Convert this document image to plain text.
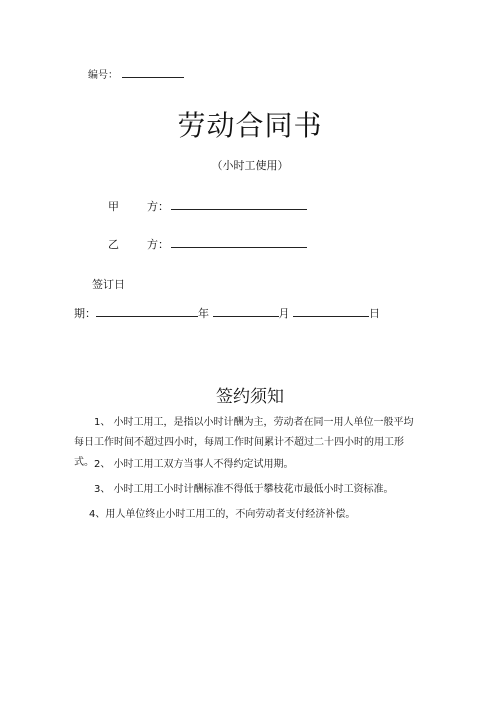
编号：
劳动合同书
（小时工使用）
甲	方：
乙	方：
签订日
期：	年	月	日
签约须知
1、 小时工用工，是指以小时计酬为主，劳动者在同一用人单位一般平均每日工作时间不超过四小时，每周工作时间累计不超过二十四小时的用工形式。 2、 小时工用工双方当事人不得约定试用期。
3、 小时工用工小时计酬标准不得低于攀枝花市最低小时工资标准。
4、用人单位终止小时工用工的，不向劳动者支付经济补偿。
